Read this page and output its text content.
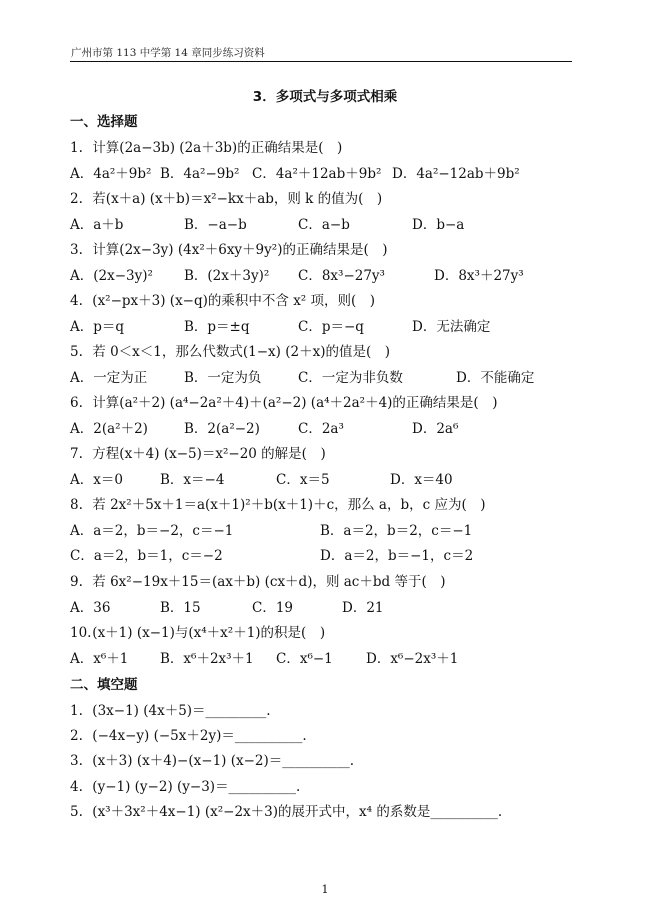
广州市第 113 中学第 14 章同步练习资料
3．多项式与多项式相乘
一、选择题
1. 计算(2a−3b) (2a＋3b)的正确结果是(　)
A．4a²＋9b² B．4a²−9b² C．4a²＋12ab＋9b² D．4a²−12ab＋9b²
2. 若(x＋a) (x＋b)＝x²−kx＋ab，则 k 的值为(　)
A．a＋b	B．−a−b	C．a−b	D．b−a
3. 计算(2x−3y) (4x²＋6xy＋9y²)的正确结果是(　)
A．(2x−3y)² B．(2x＋3y)² C．8x³−27y³	D．8x³＋27y³
4. (x²−px＋3) (x−q)的乘积中不含 x² 项，则(　)
A．p＝q	B．p＝±q	C．p＝−q	D．无法确定
5. 若 0＜x＜1，那么代数式(1−x) (2＋x)的值是(　)
A．一定为正	B．一定为负	C．一定为非负数	D．不能确定
6. 计算(a²＋2) (a⁴−2a²＋4)＋(a²−2) (a⁴＋2a²＋4)的正确结果是(　)
A．2(a²＋2)	B．2(a²−2)	C．2a³	D．2a⁶
7. 方程(x＋4) (x−5)＝x²−20 的解是(　)
A．x＝0	B．x＝−4	C．x＝5	D．x＝40
8. 若 2x²＋5x＋1＝a(x＋1)²＋b(x＋1)＋c，那么 a，b，c 应为(　)
A．a＝2，b＝−2，c＝−1	B．a＝2，b＝2，c＝−1
C．a＝2，b＝1，c＝−2	D．a＝2，b＝−1，c＝2
9. 若 6x²−19x＋15＝(ax＋b) (cx＋d)，则 ac＋bd 等于(　)
A．36	B．15	C．19	D．21
10. (x＋1) (x−1)与(x⁴＋x²＋1)的积是(　)
A．x⁶＋1 B．x⁶＋2x³＋1 C．x⁶−1 D．x⁶−2x³＋1
二、填空题
1. (3x−1) (4x＋5)＝_________.
2. (−4x−y) (−5x＋2y)＝__________.
3. (x＋3) (x＋4)−(x−1) (x−2)＝__________.
4. (y−1) (y−2) (y−3)＝__________.
5. (x³＋3x²＋4x−1) (x²−2x＋3)的展开式中，x⁴ 的系数是__________.
1
